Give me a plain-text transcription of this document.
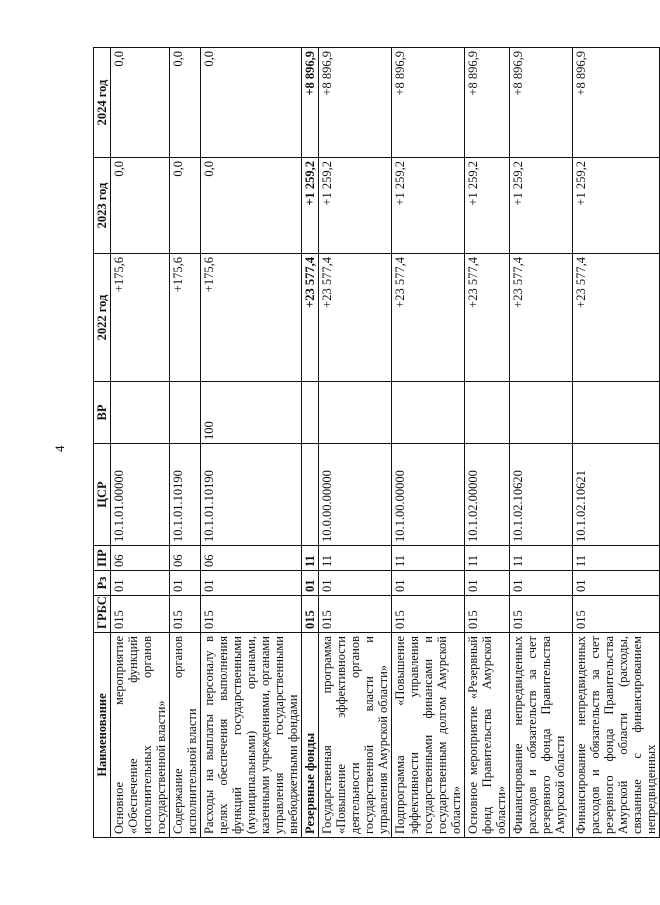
4
Наименование	ГРБС	Рз	ПР	ЦСР	ВР	2022 год	2023 год	2024 год
Основное мероприятие «Обеспечение функций исполнительных органов государственной власти»	015	01	06	10.1.01.00000		+175,6	0,0	0,0
Содержание органов исполнительной власти	015	01	06	10.1.01.10190		+175,6	0,0	0,0
Расходы на выплаты персоналу в целях обеспечения выполнения функций государственными (муниципальными) органами, казенными учреждениями, органами управления государственными внебюджетными фондами	015	01	06	10.1.01.10190	100	+175,6	0,0	0,0
Резервные фонды	015	01	11			+23 577,4	+1 259,2	+8 896,9
Государственная программа «Повышение эффективности деятельности органов государственной власти и управления Амурской области»	015	01	11	10.0.00.00000		+23 577,4	+1 259,2	+8 896,9
Подпрограмма «Повышение эффективности управления государственными финансами и государственным долгом Амурской области»	015	01	11	10.1.00.00000		+23 577,4	+1 259,2	+8 896,9
Основное мероприятие «Резервный фонд Правительства Амурской области»	015	01	11	10.1.02.00000		+23 577,4	+1 259,2	+8 896,9
Финансирование непредвиденных расходов и обязательств за счет резервного фонда Правительства Амурской области	015	01	11	10.1.02.10620		+23 577,4	+1 259,2	+8 896,9
Финансирование непредвиденных расходов и обязательств за счет резервного фонда Правительства Амурской области (расходы, связанные с финансированием непредвиденных	015	01	11	10.1.02.10621		+23 577,4	+1 259,2	+8 896,9
